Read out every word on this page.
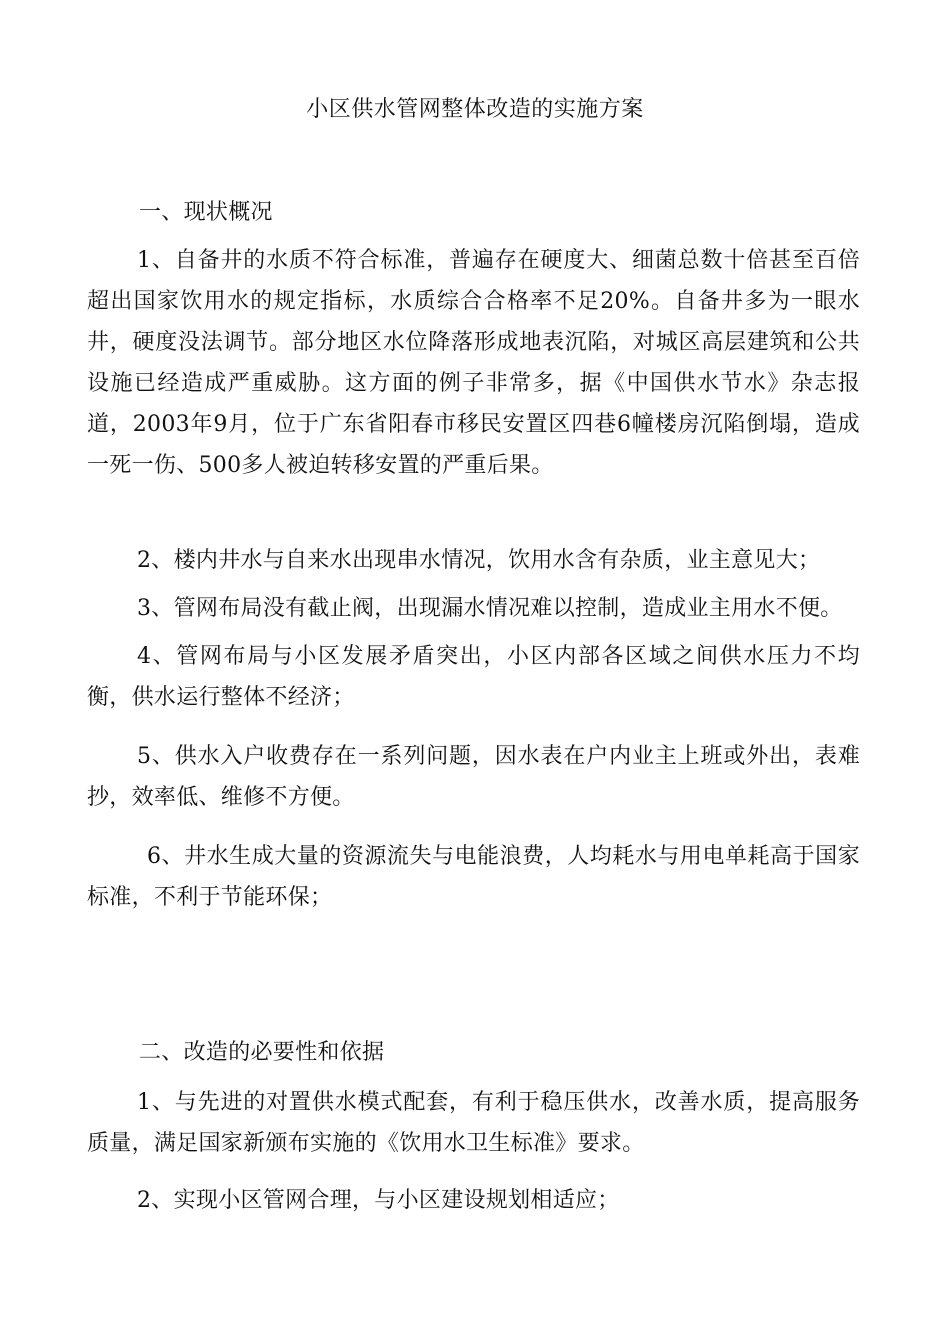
小区供水管网整体改造的实施方案

一、现状概况

1、自备井的水质不符合标准，普遍存在硬度大、细菌总数十倍甚至百倍超出国家饮用水的规定指标，水质综合合格率不足20%。自备井多为一眼水井，硬度没法调节。部分地区水位降落形成地表沉陷，对城区高层建筑和公共设施已经造成严重威胁。这方面的例子非常多，据《中国供水节水》杂志报道，2003年9月，位于广东省阳春市移民安置区四巷6幢楼房沉陷倒塌，造成一死一伤、500多人被迫转移安置的严重后果。

2、楼内井水与自来水出现串水情况，饮用水含有杂质，业主意见大；

3、管网布局没有截止阀，出现漏水情况难以控制，造成业主用水不便。

4、管网布局与小区发展矛盾突出，小区内部各区域之间供水压力不均衡，供水运行整体不经济；

5、供水入户收费存在一系列问题，因水表在户内业主上班或外出，表难抄，效率低、维修不方便。

6、井水生成大量的资源流失与电能浪费，人均耗水与用电单耗高于国家标准，不利于节能环保；

二、改造的必要性和依据

1、与先进的对置供水模式配套，有利于稳压供水，改善水质，提高服务质量，满足国家新颁布实施的《饮用水卫生标准》要求。

2、实现小区管网合理，与小区建设规划相适应；
